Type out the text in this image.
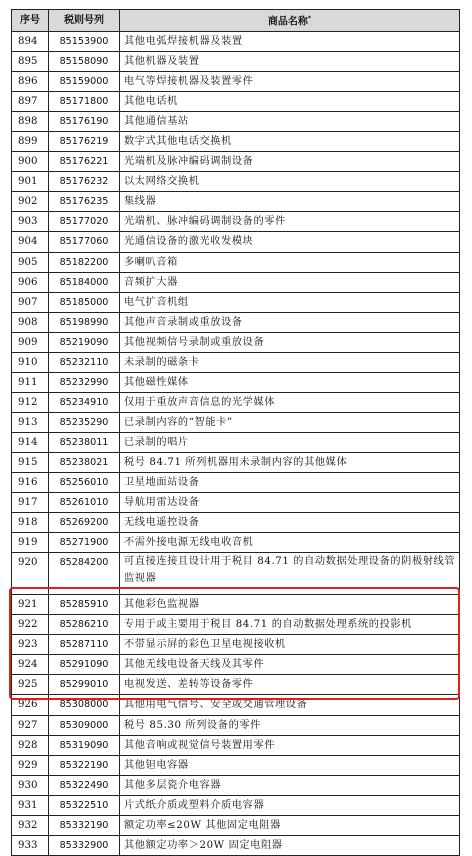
序号	税则号列	商品名称*
894	85153900	其他电弧焊接机器及装置
895	85158090	其他机器及装置
896	85159000	电气等焊接机器及装置零件
897	85171800	其他电话机
898	85176190	其他通信基站
899	85176219	数字式其他电话交换机
900	85176221	光端机及脉冲编码调制设备
901	85176232	以太网络交换机
902	85176235	集线器
903	85177020	光端机、脉冲编码调制设备的零件
904	85177060	光通信设备的激光收发模块
905	85182200	多喇叭音箱
906	85184000	音频扩大器
907	85185000	电气扩音机组
908	85198990	其他声音录制或重放设备
909	85219090	其他视频信号录制或重放设备
910	85232110	未录制的磁条卡
911	85232990	其他磁性媒体
912	85234910	仅用于重放声音信息的光学媒体
913	85235290	已录制内容的“智能卡”
914	85238011	已录制的唱片
915	85238021	税号 84.71 所列机器用未录制内容的其他媒体
916	85256010	卫星地面站设备
917	85261010	导航用雷达设备
918	85269200	无线电遥控设备
919	85271900	不需外接电源无线电收音机
920	85284200	可直接连接且设计用于税目 84.71 的自动数据处理设备的阴极射线管监视器
921	85285910	其他彩色监视器
922	85286210	专用于或主要用于税目 84.71 的自动数据处理系统的投影机
923	85287110	不带显示屏的彩色卫星电视接收机
924	85291090	其他无线电设备天线及其零件
925	85299010	电视发送、差转等设备零件
926	85308000	其他用电气信号、安全或交通管理设备
927	85309000	税号 85.30 所列设备的零件
928	85319090	其他音响或视觉信号装置用零件
929	85322190	其他钽电容器
930	85322490	其他多层瓷介电容器
931	85322510	片式纸介质或塑料介质电容器
932	85332190	额定功率≤20W 其他固定电阻器
933	85332900	其他额定功率＞20W 固定电阻器
